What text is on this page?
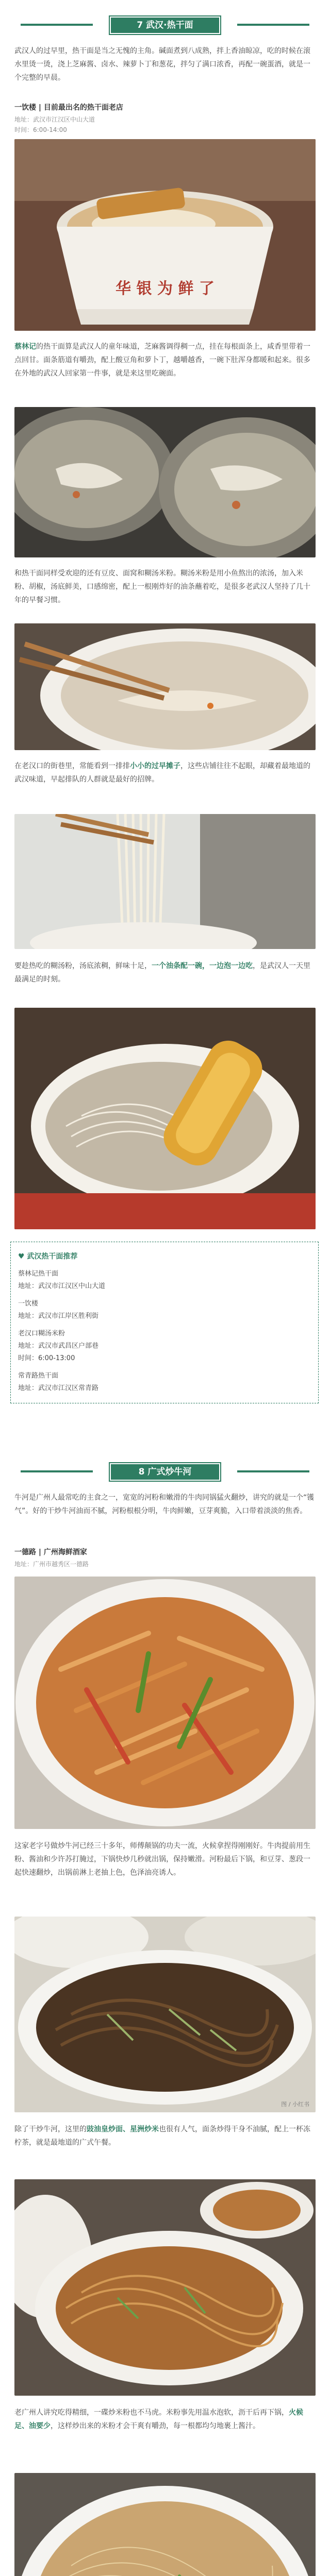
7 武汉·热干面
武汉人的过早里，热干面是当之无愧的主角。碱面煮到八成熟，拌上香油晾凉，吃的时候在滚水里烫一烫，浇上芝麻酱、卤水、辣萝卜丁和葱花，拌匀了满口浓香，再配一碗蛋酒，就是一个完整的早晨。
一饮楼 | 目前最出名的热干面老店
地址：武汉市江汉区中山大道
时间：6:00-14:00
华 银 为 鲜 了
蔡林记的热干面算是武汉人的童年味道，芝麻酱调得稠一点，挂在每根面条上，咸香里带着一点回甘。面条筋道有嚼劲，配上酸豆角和萝卜丁，越嚼越香，一碗下肚浑身都暖和起来。很多在外地的武汉人回家第一件事，就是来这里吃碗面。
和热干面同样受欢迎的还有豆皮、面窝和糊汤米粉。糊汤米粉是用小鱼熬出的浓汤，加入米粉、胡椒，汤底鲜美，口感绵密，配上一根刚炸好的油条蘸着吃，是很多老武汉人坚持了几十年的早餐习惯。
在老汉口的街巷里，常能看到一排排小小的过早摊子，这些店铺往往不起眼，却藏着最地道的武汉味道，早起排队的人群就是最好的招牌。
要趁热吃的糊汤粉，汤底浓稠，鲜味十足，一个油条配一碗，一边泡一边吃，是武汉人一天里最满足的时刻。
♥ 武汉热干面推荐
蔡林记热干面
地址：武汉市江汉区中山大道
一饮楼
地址：武汉市江岸区胜利街
老汉口糊汤米粉
地址：武汉市武昌区户部巷
时间：6:00-13:00
常青路热干面
地址：武汉市江汉区常青路
8 广式炒牛河
牛河是广州人最常吃的主食之一，宽宽的河粉和嫩滑的牛肉同锅猛火翻炒，讲究的就是一个“镬气”。好的干炒牛河油而不腻，河粉根根分明，牛肉鲜嫩，豆芽爽脆，入口带着淡淡的焦香。
一德路 | 广州海鲜酒家
地址：广州市越秀区一德路
这家老字号做炒牛河已经三十多年，师傅颠锅的功夫一流，火候拿捏得刚刚好。牛肉提前用生粉、酱油和少许苏打腌过，下锅快炒几秒就出锅，保持嫩滑。河粉最后下锅，和豆芽、葱段一起快速翻炒，出锅前淋上老抽上色，色泽油亮诱人。
图 / 小红书
除了干炒牛河，这里的豉油皇炒面、星洲炒米也很有人气，面条炒得干身不油腻，配上一杯冻柠茶，就是最地道的广式午餐。
老广州人讲究吃得精细，一碟炒米粉也不马虎。米粉事先用温水泡软，沥干后再下锅，火候足、油要少，这样炒出来的米粉才会干爽有嚼劲，每一根都均匀地裹上酱汁。
